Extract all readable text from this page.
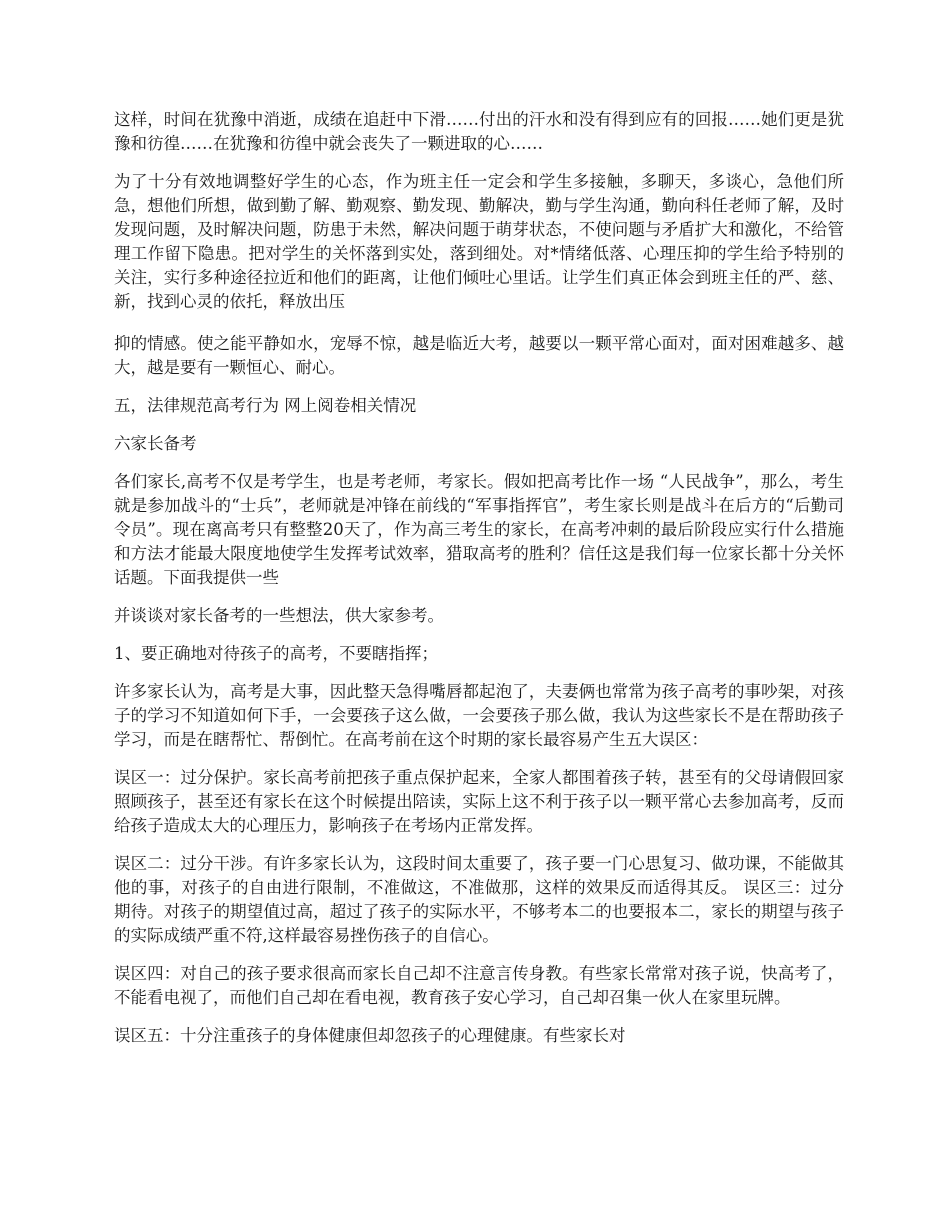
这样，时间在犹豫中消逝，成绩在追赶中下滑……付出的汗水和没有得到应有的回报……她们更是犹豫和彷徨……在犹豫和彷徨中就会丧失了一颗进取的心……

为了十分有效地调整好学生的心态，作为班主任一定会和学生多接触，多聊天，多谈心，急他们所急，想他们所想，做到勤了解、勤观察、勤发现、勤解决，勤与学生沟通，勤向科任老师了解，及时发现问题，及时解决问题，防患于未然，解决问题于萌芽状态，不使问题与矛盾扩大和激化，不给管理工作留下隐患。把对学生的关怀落到实处，落到细处。对*情绪低落、心理压抑的学生给予特别的关注，实行多种途径拉近和他们的距离，让他们倾吐心里话。让学生们真正体会到班主任的严、慈、新，找到心灵的依托，释放出压

抑的情感。使之能平静如水，宠辱不惊，越是临近大考，越要以一颗平常心面对，面对困难越多、越大，越是要有一颗恒心、耐心。

五，法律规范高考行为 网上阅卷相关情况

六家长备考

各们家长,高考不仅是考学生，也是考老师，考家长。假如把高考比作一场 “人民战争”，那么，考生就是参加战斗的“士兵”，老师就是冲锋在前线的“军事指挥官”，考生家长则是战斗在后方的“后勤司令员”。现在离高考只有整整20天了，作为高三考生的家长，在高考冲刺的最后阶段应实行什么措施和方法才能最大限度地使学生发挥考试效率，猎取高考的胜利？信任这是我们每一位家长都十分关怀话题。下面我提供一些

并谈谈对家长备考的一些想法，供大家参考。

1、要正确地对待孩子的高考，不要瞎指挥；

许多家长认为，高考是大事，因此整天急得嘴唇都起泡了，夫妻俩也常常为孩子高考的事吵架，对孩子的学习不知道如何下手，一会要孩子这么做，一会要孩子那么做，我认为这些家长不是在帮助孩子学习，而是在瞎帮忙、帮倒忙。在高考前在这个时期的家长最容易产生五大误区：

误区一：过分保护。家长高考前把孩子重点保护起来，全家人都围着孩子转，甚至有的父母请假回家照顾孩子，甚至还有家长在这个时候提出陪读，实际上这不利于孩子以一颗平常心去参加高考，反而给孩子造成太大的心理压力，影响孩子在考场内正常发挥。

误区二：过分干涉。有许多家长认为，这段时间太重要了，孩子要一门心思复习、做功课，不能做其他的事，对孩子的自由进行限制，不准做这，不准做那，这样的效果反而适得其反。 误区三：过分期待。对孩子的期望值过高，超过了孩子的实际水平，不够考本二的也要报本二，家长的期望与孩子的实际成绩严重不符,这样最容易挫伤孩子的自信心。

误区四：对自己的孩子要求很高而家长自己却不注意言传身教。有些家长常常对孩子说，快高考了，不能看电视了，而他们自己却在看电视，教育孩子安心学习，自己却召集一伙人在家里玩牌。

误区五：十分注重孩子的身体健康但却忽孩子的心理健康。有些家长对
